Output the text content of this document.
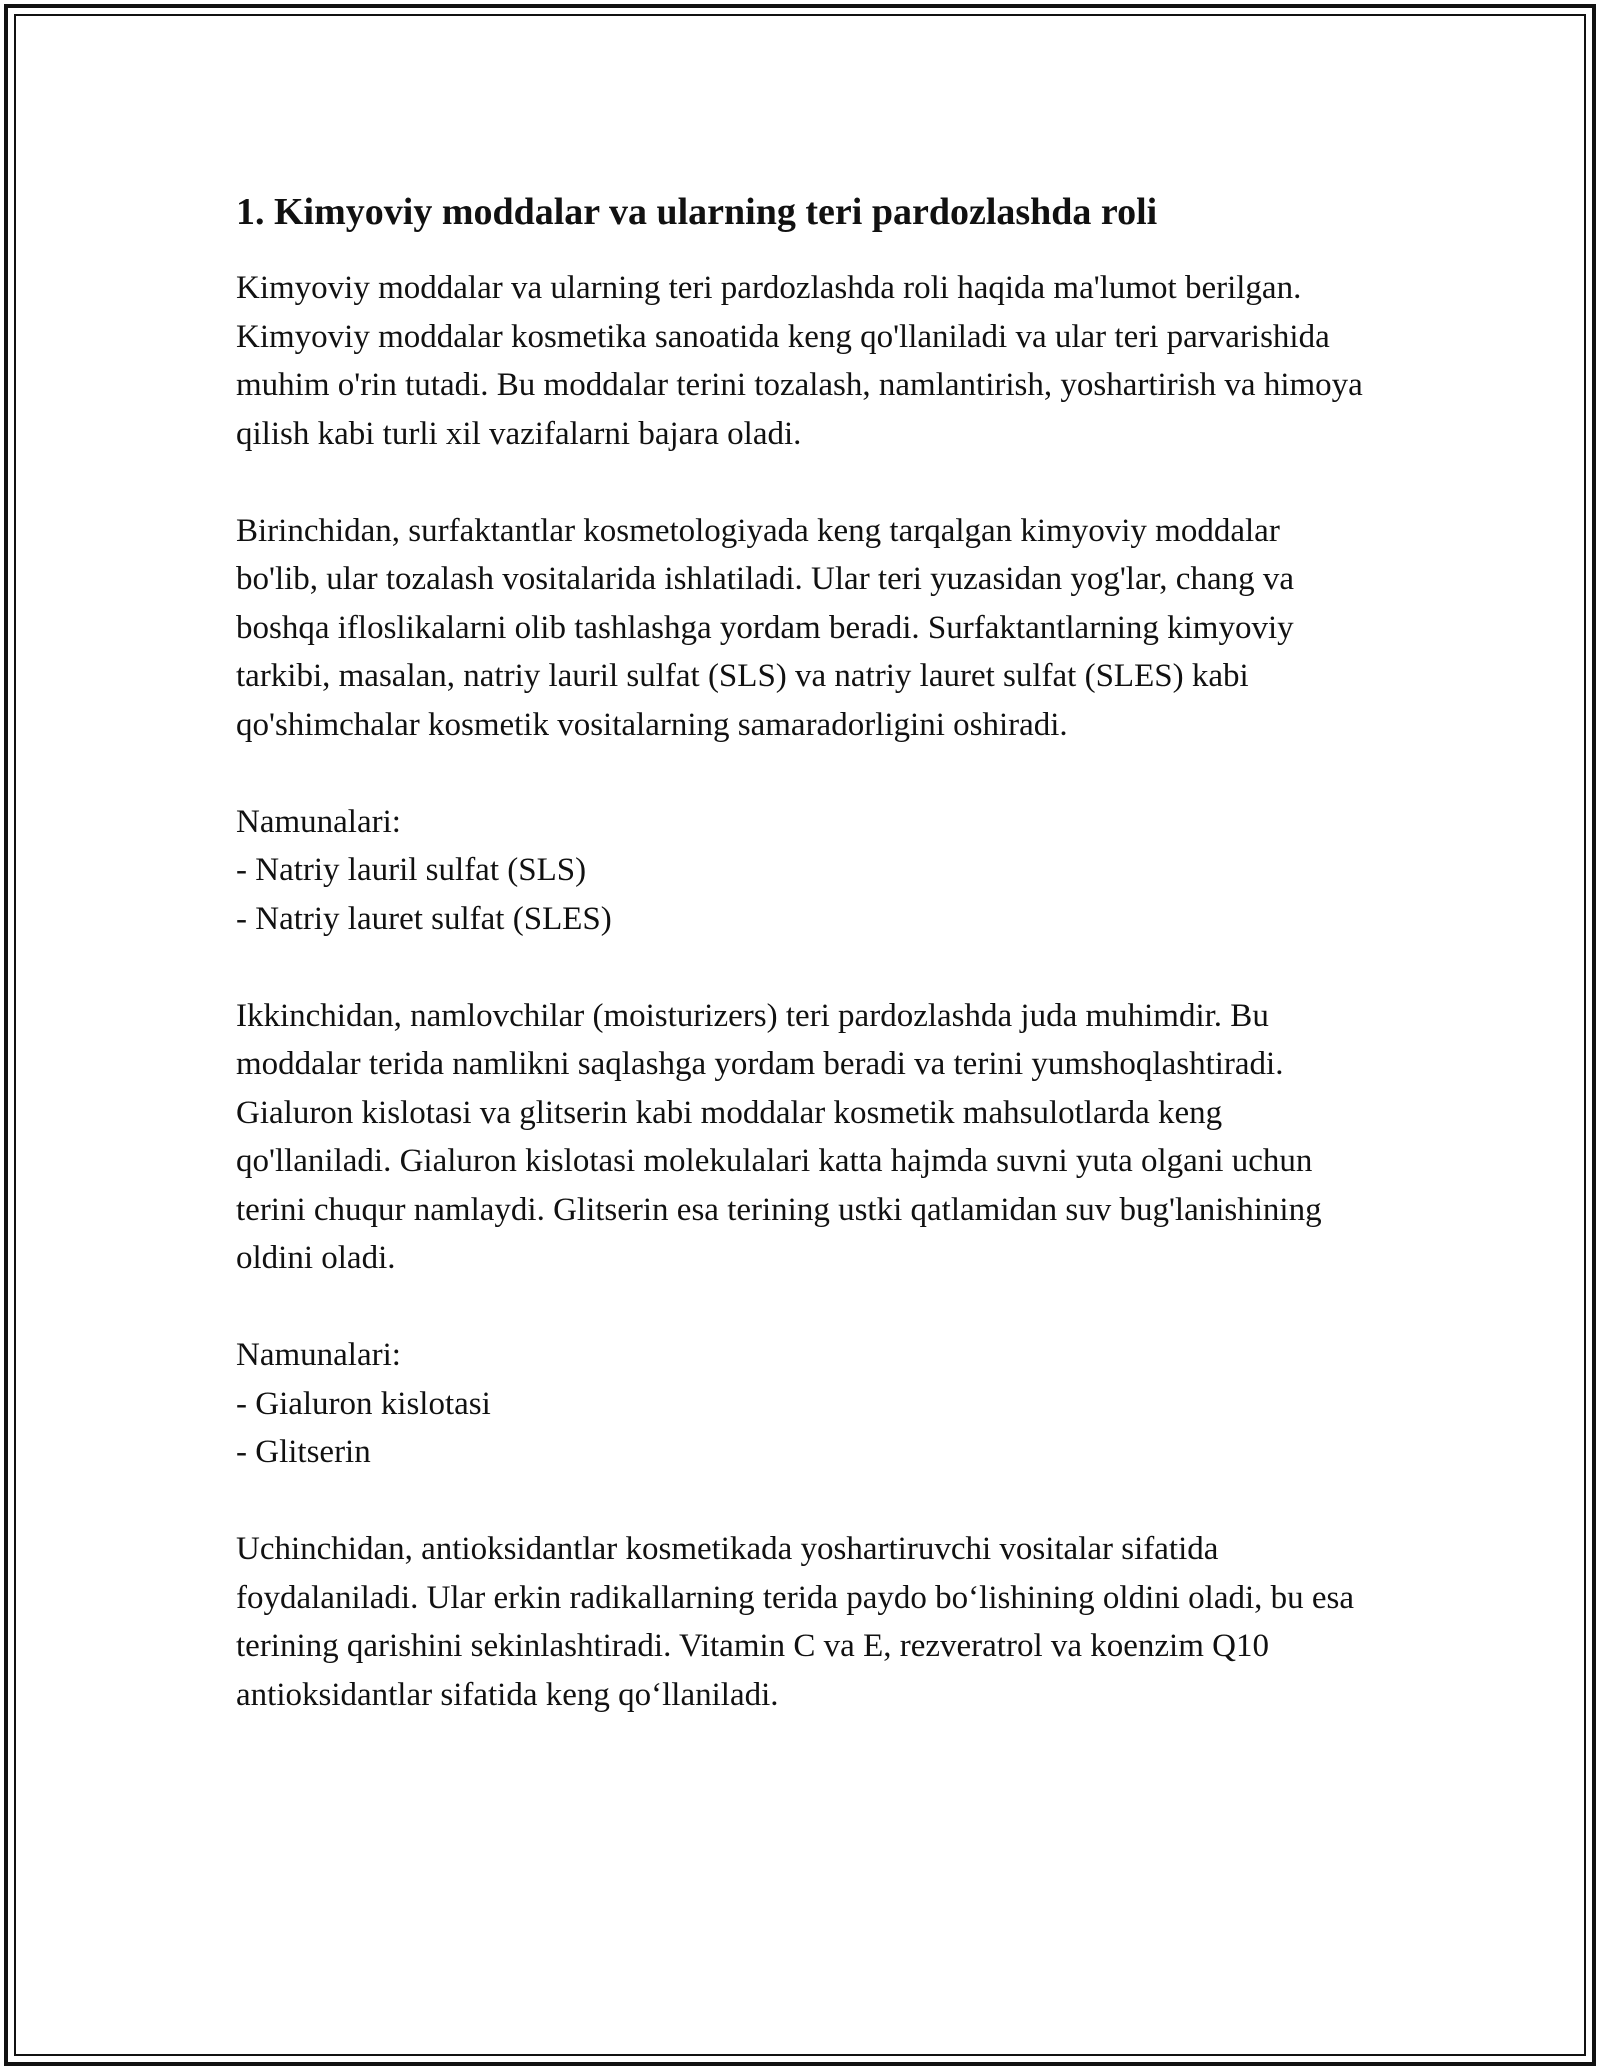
1. Kimyoviy moddalar va ularning teri pardozlashda roli

Kimyoviy moddalar va ularning teri pardozlashda roli haqida ma'lumot berilgan. Kimyoviy moddalar kosmetika sanoatida keng qo'llaniladi va ular teri parvarishida muhim o'rin tutadi. Bu moddalar terini tozalash, namlantirish, yoshartirish va himoya qilish kabi turli xil vazifalarni bajara oladi.

Birinchidan, surfaktantlar kosmetologiyada keng tarqalgan kimyoviy moddalar bo'lib, ular tozalash vositalarida ishlatiladi. Ular teri yuzasidan yog'lar, chang va boshqa ifloslikalarni olib tashlashga yordam beradi. Surfaktantlarning kimyoviy tarkibi, masalan, natriy lauril sulfat (SLS) va natriy lauret sulfat (SLES) kabi qo'shimchalar kosmetik vositalarning samaradorligini oshiradi.

Namunalari:

- Natriy lauril sulfat (SLS)

- Natriy lauret sulfat (SLES)

Ikkinchidan, namlovchilar (moisturizers) teri pardozlashda juda muhimdir. Bu moddalar terida namlikni saqlashga yordam beradi va terini yumshoqlashtiradi. Gialuron kislotasi va glitserin kabi moddalar kosmetik mahsulotlarda keng qo'llaniladi. Gialuron kislotasi molekulalari katta hajmda suvni yuta olgani uchun terini chuqur namlaydi. Glitserin esa terining ustki qatlamidan suv bug'lanishining oldini oladi.

Namunalari:

- Gialuron kislotasi

- Glitserin

Uchinchidan, antioksidantlar kosmetikada yoshartiruvchi vositalar sifatida foydalaniladi. Ular erkin radikallarning terida paydo bo‘lishining oldini oladi, bu esa terining qarishini sekinlashtiradi. Vitamin C va E, rezveratrol va koenzim Q10 antioksidantlar sifatida keng qo‘llaniladi.
